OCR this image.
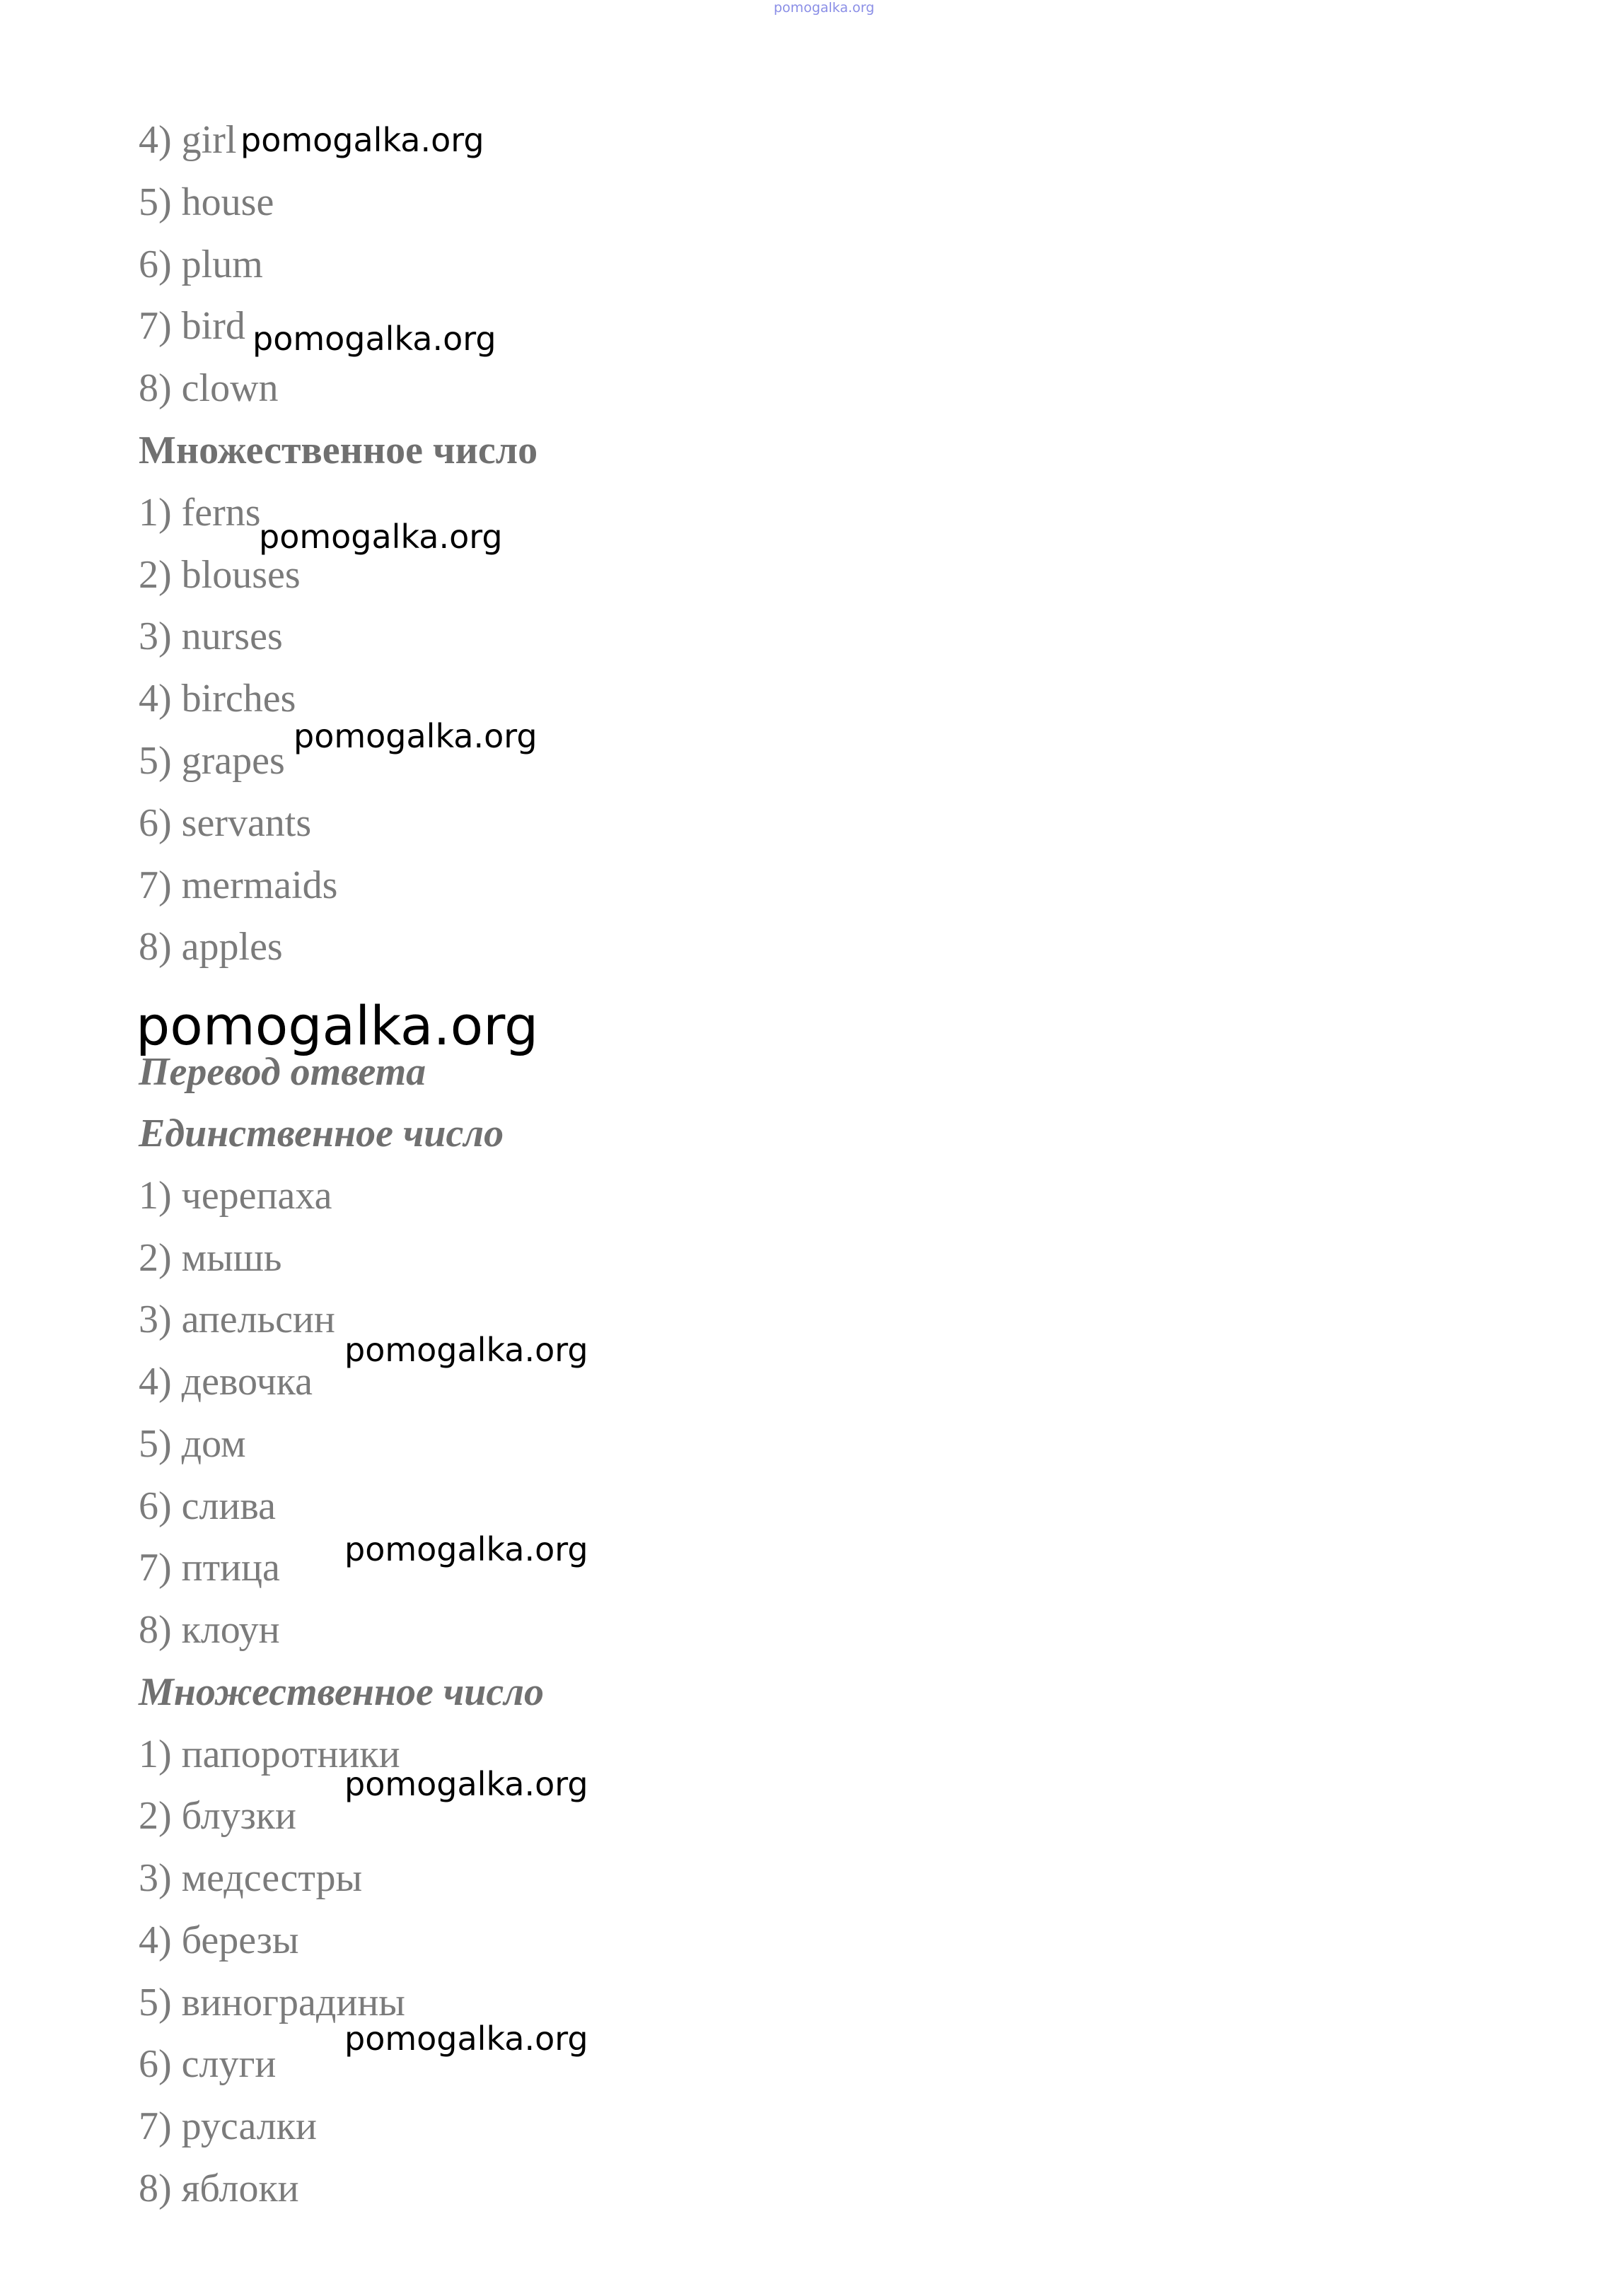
pomogalka.org
4) girl
5) house
6) plum
7) bird
8) clown
Множественное число
1) ferns
2) blouses
3) nurses
4) birches
5) grapes
6) servants
7) mermaids
8) apples
Перевод ответа
Единственное число
1) черепаха
2) мышь
3) апельсин
4) девочка
5) дом
6) слива
7) птица
8) клоун
Множественное число
1) папоротники
2) блузки
3) медсестры
4) березы
5) виноградины
6) слуги
7) русалки
8) яблоки
pomogalka.org
pomogalka.org
pomogalka.org
pomogalka.org
pomogalka.org
pomogalka.org
pomogalka.org
pomogalka.org
pomogalka.org
